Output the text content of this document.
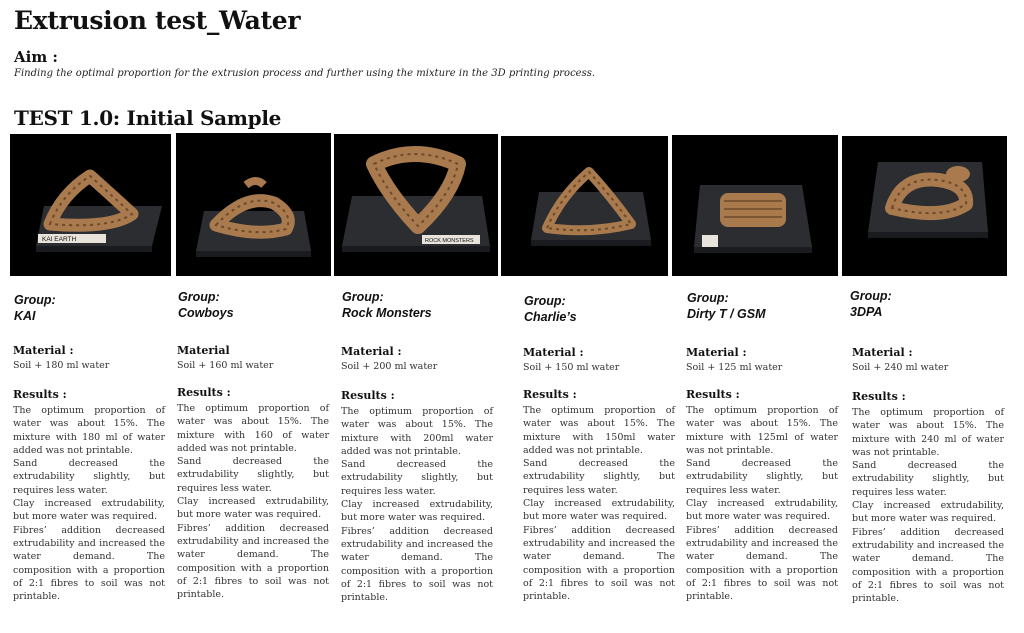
Extrusion test_Water
Aim :
Finding the optimal proportion for the extrusion process and further using the mixture in the 3D printing process.
TEST 1.0: Initial Sample
KAI EARTH	ROCK MONSTERS
Group:
KAI
Material :
Soil + 180 ml water
Results :

The optimum proportion of water was about 15%. The mixture with 180 ml of water added was not printable.

Sand decreased the extrudability slightly, but requires less water.

Clay increased extrudability, but more water was required.

Fibres’ addition decreased extrudability and increased the water demand. The composition with a proportion of 2:1 fibres to soil was not printable.

Group:
Cowboys
Material
Soil + 160 ml water
Results :

The optimum proportion of water was about 15%. The mixture with 160 of water added was not printable.

Sand decreased the extrudability slightly, but requires less water.

Clay increased extrudability, but more water was required.

Fibres’ addition decreased extrudability and increased the water demand. The composition with a proportion of 2:1 fibres to soil was not printable.

Group:
Rock Monsters
Material :
Soil + 200 ml water
Results :

The optimum proportion of water was about 15%. The mixture with 200ml water added was not printable.

Sand decreased the extrudability slightly, but requires less water.

Clay increased extrudability, but more water was required.

Fibres’ addition decreased extrudability and increased the water demand. The composition with a proportion of 2:1 fibres to soil was not printable.

Group:
Charlie’s
Material :
Soil + 150 ml water
Results :

The optimum proportion of water was about 15%. The mixture with 150ml water added was not printable.

Sand decreased the extrudability slightly, but requires less water.

Clay increased extrudability, but more water was required.

Fibres’ addition decreased extrudability and increased the water demand. The composition with a proportion of 2:1 fibres to soil was not printable.

Group:
Dirty T / GSM
Material :
Soil + 125 ml water
Results :

The optimum proportion of water was about 15%. The mixture with 125ml of water was not printable.

Sand decreased the extrudability slightly, but requires less water.

Clay increased extrudability, but more water was required.

Fibres’ addition decreased extrudability and increased the water demand. The composition with a proportion of 2:1 fibres to soil was not printable.

Group:
3DPA
Material :
Soil + 240 ml water
Results :

The optimum proportion of water was about 15%. The mixture with 240 ml of water was not printable.

Sand decreased the extrudability slightly, but requires less water.

Clay increased extrudability, but more water was required.

Fibres’ addition decreased extrudability and increased the water demand. The composition with a proportion of 2:1 fibres to soil was not printable.
